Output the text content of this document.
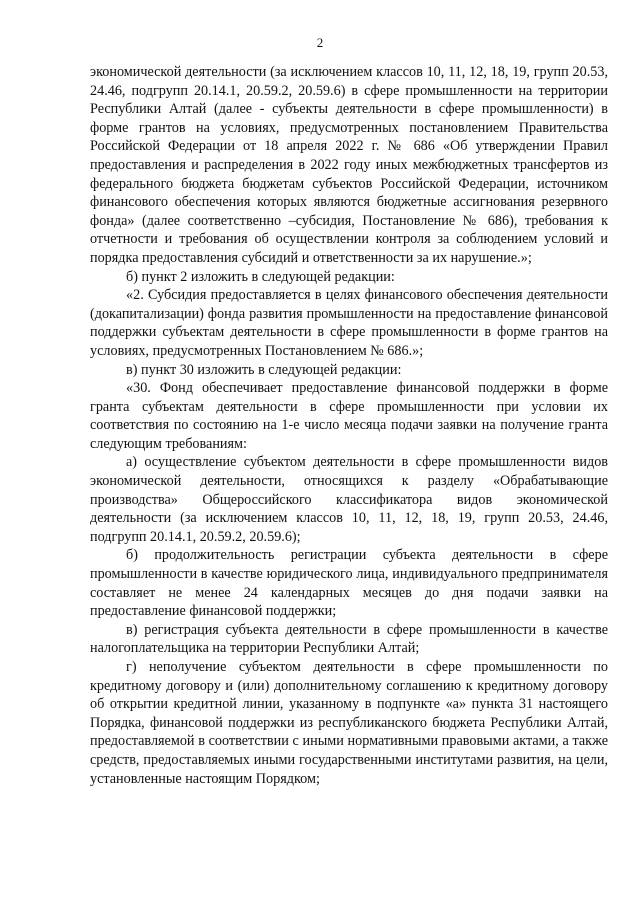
2

экономической деятельности (за исключением классов 10, 11, 12, 18, 19, групп 20.53, 24.46, подгрупп 20.14.1, 20.59.2, 20.59.6) в сфере промышленности на территории Республики Алтай (далее - субъекты деятельности в сфере промышленности) в форме грантов на условиях, предусмотренных постановлением Правительства Российской Федерации от 18 апреля 2022 г. № 686 «Об утверждении Правил предоставления и распределения в 2022 году иных межбюджетных трансфертов из федерального бюджета бюджетам субъектов Российской Федерации, источником финансового обеспечения которых являются бюджетные ассигнования резервного фонда» (далее соответственно –субсидия, Постановление № 686), требования к отчетности и требования об осуществлении контроля за соблюдением условий и порядка предоставления субсидий и ответственности за их нарушение.»;

б) пункт 2 изложить в следующей редакции:

«2. Субсидия предоставляется в целях финансового обеспечения деятельности (докапитализации) фонда развития промышленности на предоставление финансовой поддержки субъектам деятельности в сфере промышленности в форме грантов на условиях, предусмотренных Постановлением № 686.»;

в) пункт 30 изложить в следующей редакции:

«30. Фонд обеспечивает предоставление финансовой поддержки в форме гранта субъектам деятельности в сфере промышленности при условии их соответствия по состоянию на 1-е число месяца подачи заявки на получение гранта следующим требованиям:

а) осуществление субъектом деятельности в сфере промышленности видов экономической деятельности, относящихся к разделу «Обрабатывающие производства» Общероссийского классификатора видов экономической деятельности (за исключением классов 10, 11, 12, 18, 19, групп 20.53, 24.46, подгрупп 20.14.1, 20.59.2, 20.59.6);

б) продолжительность регистрации субъекта деятельности в сфере промышленности в качестве юридического лица, индивидуального предпринимателя составляет не менее 24 календарных месяцев до дня подачи заявки на предоставление финансовой поддержки;

в) регистрация субъекта деятельности в сфере промышленности в качестве налогоплательщика на территории Республики Алтай;

г) неполучение субъектом деятельности в сфере промышленности по кредитному договору и (или) дополнительному соглашению к кредитному договору об открытии кредитной линии, указанному в подпункте «а» пункта 31 настоящего Порядка, финансовой поддержки из республиканского бюджета Республики Алтай, предоставляемой в соответствии с иными нормативными правовыми актами, а также средств, предоставляемых иными государственными институтами развития, на цели, установленные настоящим Порядком;
